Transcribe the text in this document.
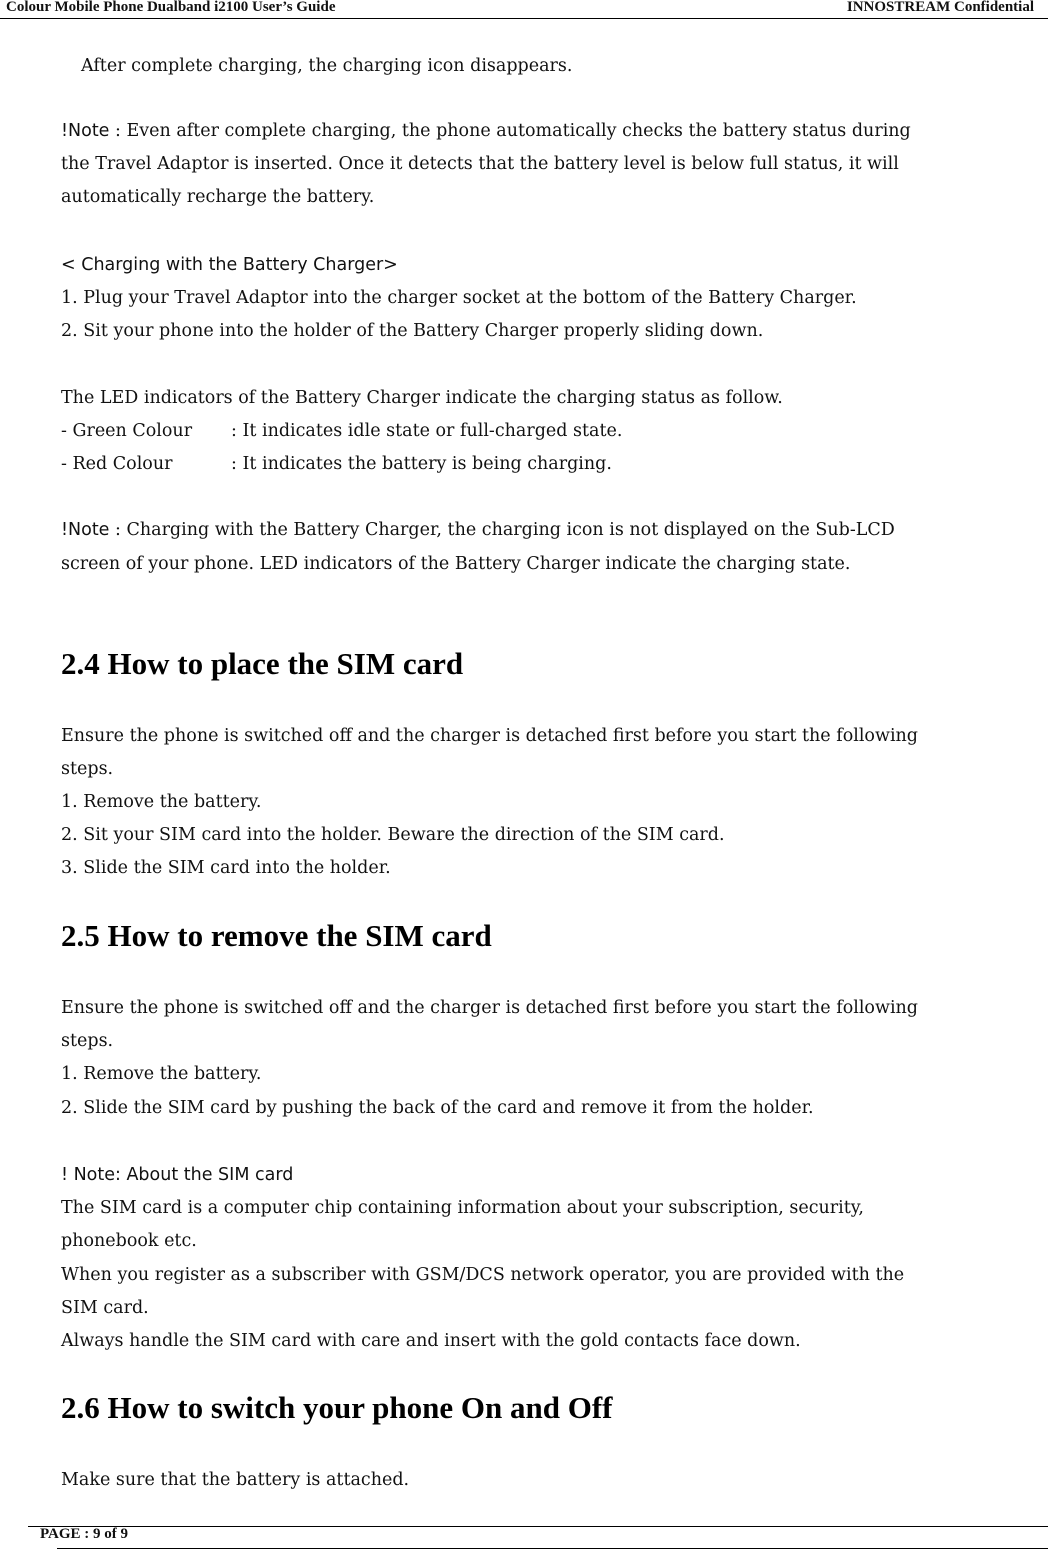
Colour Mobile Phone Dualband i2100 User’s Guide	INNOSTREAM Confidential
After complete charging, the charging icon disappears.
!Note : Even after complete charging, the phone automatically checks the battery status during
the Travel Adaptor is inserted. Once it detects that the battery level is below full status, it will
automatically recharge the battery.
< Charging with the Battery Charger>
1. Plug your Travel Adaptor into the charger socket at the bottom of the Battery Charger.
2. Sit your phone into the holder of the Battery Charger properly sliding down.
The LED indicators of the Battery Charger indicate the charging status as follow.
- Green Colour : It indicates idle state or full-charged state.
- Red Colour	: It indicates the battery is being charging.
!Note : Charging with the Battery Charger, the charging icon is not displayed on the Sub-LCD
screen of your phone. LED indicators of the Battery Charger indicate the charging state.
2.4 How to place the SIM card
Ensure the phone is switched off and the charger is detached first before you start the following
steps.
1. Remove the battery.
2. Sit your SIM card into the holder. Beware the direction of the SIM card.
3. Slide the SIM card into the holder.
2.5 How to remove the SIM card
Ensure the phone is switched off and the charger is detached first before you start the following
steps.
1. Remove the battery.
2. Slide the SIM card by pushing the back of the card and remove it from the holder.
! Note: About the SIM card
The SIM card is a computer chip containing information about your subscription, security,
phonebook etc.
When you register as a subscriber with GSM/DCS network operator, you are provided with the
SIM card.
Always handle the SIM card with care and insert with the gold contacts face down.
2.6 How to switch your phone On and Off
Make sure that the battery is attached.
PAGE : 9 of 9
